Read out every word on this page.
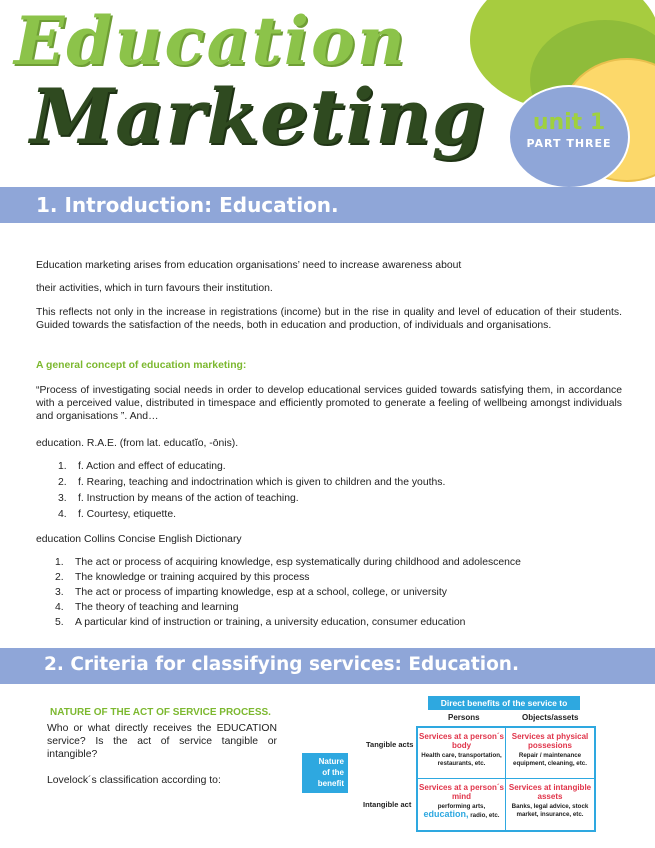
Education
Marketing	unit 1
PART THREE
1. Introduction: Education.
Education marketing arises from education organisations’ need to increase awareness about
their activities, which in turn favours their institution.
This reflects not only in the increase in registrations (income) but in the rise in quality and level of education of their students. Guided towards the satisfaction of the needs, both in education and production, of individuals and organisations.
A general concept of education marketing:
“Process of investigating social needs in order to develop educational services guided towards satisfying them, in accordance with a perceived value, distributed in timespace and efficiently promoted to generate a feeling of wellbeing amongst individuals and organisations ”. And…
education. R.A.E. (from lat. educatĭo, -ōnis).
1. f. Action and effect of educating.
2. f. Rearing, teaching and indoctrination which is given to children and the youths.
3. f. Instruction by means of the action of teaching.
4. f. Courtesy, etiquette.
education Collins Concise English Dictionary
1. The act or process of acquiring knowledge, esp systematically during childhood and adolescence
2. The knowledge or training acquired by this process
3. The act or process of imparting knowledge, esp at a school, college, or university
4. The theory of teaching and learning
5. A particular kind of instruction or training, a university education, consumer education
2. Criteria for classifying services: Education.
NATURE OF THE ACT OF SERVICE PROCESS.
Who or what directly receives the EDUCATION service? Is the act of service tangible or intangible?
Lovelock´s classification according to:
Nature
of the
benefit
Direct benefits of the service to
Persons	Objects/assets
Tangible acts
Intangible act
Services at a person´s body
Health care, transportation, restaurants, etc.
Services at physical possesions
Repair / maintenance equipment, cleaning, etc.
Services at a person´s mind
performing arts,
education, radio, etc.
Services at intangible assets
Banks, legal advice, stock market, insurance, etc.
